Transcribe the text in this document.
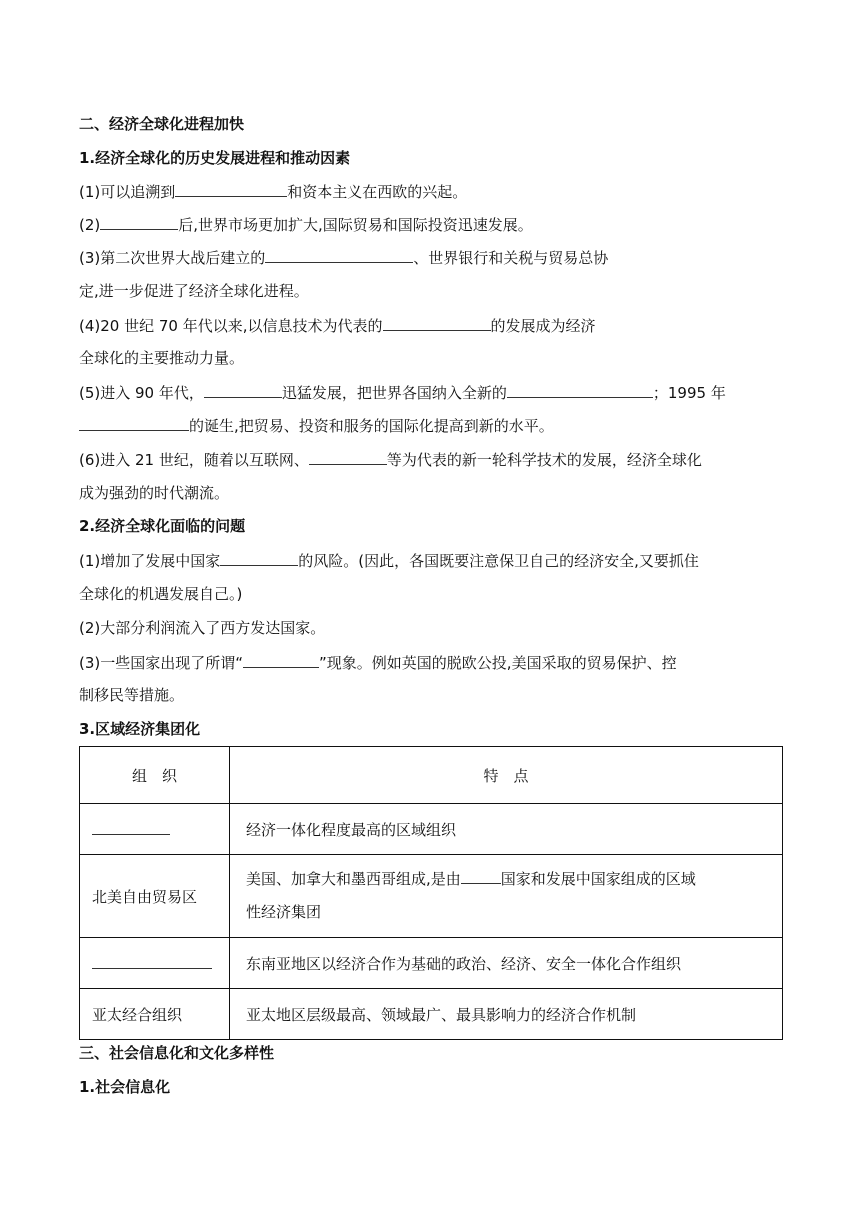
二、经济全球化进程加快
1.经济全球化的历史发展进程和推动因素
(1)可以追溯到	和资本主义在西欧的兴起。
(2)	后,世界市场更加扩大,国际贸易和国际投资迅速发展。
(3)第二次世界大战后建立的	、世界银行和关税与贸易总协
定,进一步促进了经济全球化进程。
(4)20 世纪 70 年代以来,以信息技术为代表的	的发展成为经济
全球化的主要推动力量。
(5)进入 90 年代，	迅猛发展，把世界各国纳入全新的	；1995 年
的诞生,把贸易、投资和服务的国际化提高到新的水平。
(6)进入 21 世纪，随着以互联网、	等为代表的新一轮科学技术的发展，经济全球化
成为强劲的时代潮流。
2.经济全球化面临的问题
(1)增加了发展中国家	的风险。(因此，各国既要注意保卫自己的经济安全,又要抓住
全球化的机遇发展自己。)
(2)大部分利润流入了西方发达国家。
(3)一些国家出现了所谓“	”现象。例如英国的脱欧公投,美国采取的贸易保护、控
制移民等措施。
3.区域经济集团化
组　织	特　点
	经济一体化程度最高的区域组织
北美自由贸易区	美国、加拿大和墨西哥组成,是由 国家和发展中国家组成的区域
性经济集团

	东南亚地区以经济合作为基础的政治、经济、安全一体化合作组织
亚太经合组织	亚太地区层级最高、领域最广、最具影响力的经济合作机制
三、社会信息化和文化多样性
1.社会信息化
